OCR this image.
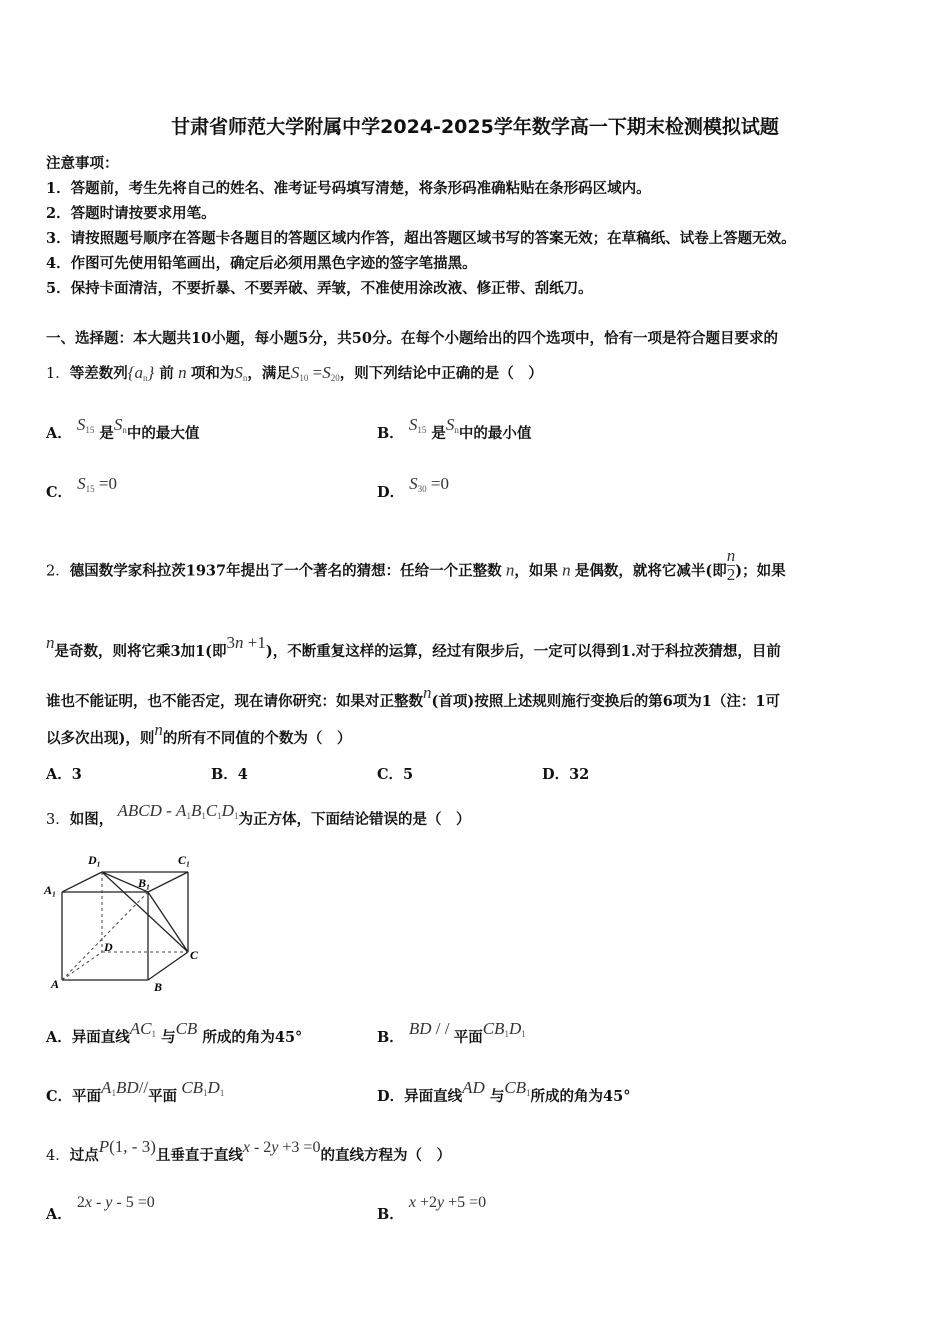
甘肃省师范大学附属中学2024-2025学年数学高一下期末检测模拟试题
注意事项：
1．答题前，考生先将自己的姓名、准考证号码填写清楚，将条形码准确粘贴在条形码区域内。
2．答题时请按要求用笔。
3．请按照题号顺序在答题卡各题目的答题区域内作答，超出答题区域书写的答案无效；在草稿纸、试卷上答题无效。
4．作图可先使用铅笔画出，确定后必须用黑色字迹的签字笔描黑。
5．保持卡面清洁，不要折暴、不要弄破、弄皱，不准使用涂改液、修正带、刮纸刀。
一、选择题：本大题共10小题，每小题5分，共50分。在每个小题给出的四个选项中，恰有一项是符合题目要求的
1．等差数列$\{a_n\}$ 前 n 项和为$S_n$，满足$S_{10} =S_{20}$，则下列结论中正确的是（　）
A． $S_{15}$ 是$S_n$中的最大值	B． $S_{15}$ 是$S_n$中的最小值
C． $S_{15} =0$	D． $S_{30} =0$
2．德国数学家科拉茨1937年提出了一个著名的猜想：任给一个正整数 n，如果 n 是偶数，就将它减半(即 $\frac{n}{2}$ )；如果
n是奇数，则将它乘3加1(即3n +1)，不断重复这样的运算，经过有限步后，一定可以得到1.对于科拉茨猜想，目前
谁也不能证明，也不能否定，现在请你研究：如果对正整数n(首项)按照上述规则施行变换后的第6项为1（注：1可
以多次出现)，则n的所有不同值的个数为（　）
A．3	B．4	C．5	D．32
3．如图， ABCD - $A_1B_1C_1D_1$为正方体，下面结论错误的是（　）
D₁	C₁
A₁	B₁
D
C
A	B
A．异面直线$AC_1$ 与CB 所成的角为45°	B． BD / / 平面$CB_1D_1$
C．平面$A_1BD//$平面 $CB_1D_1$	D．异面直线AD 与$CB_1$所成的角为45°
4．过点P(1, - 3)且垂直于直线x - 2y +3 =0的直线方程为（　）
A． 2x - y - 5 =0
B． x +2y +5 =0
